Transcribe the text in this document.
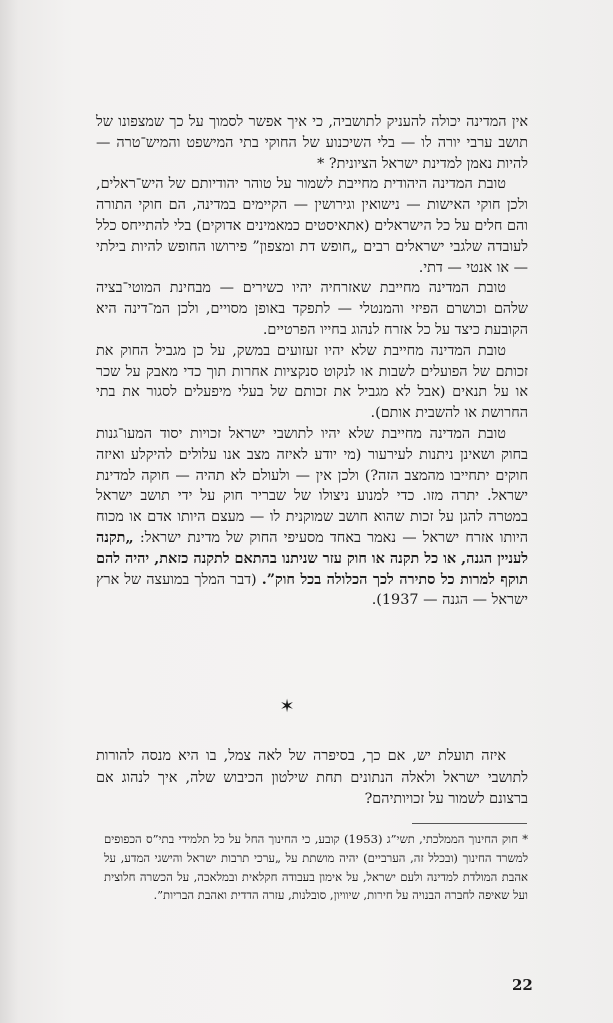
אין המדינה יכולה להעניק לתושביה, כי איך אפשר לסמוך על כך שמצפונו של תושב ערבי יורה לו — בלי השיכנוע של החוקי בתי המישפט והמיש־טרה — להיות נאמן למדינת ישראל הציונית? *

טובת המדינה היהודית מחייבת לשמור על טוהר יהודיותם של היש־ראלים, ולכן חוקי האישות — נישואין וגירושין — הקיימים במדינה, הם חוקי התורה והם חלים על כל הישראלים (אתאיסטים כמאמינים אדוקים) בלי להתייחס כלל לעובדה שלגבי ישראלים רבים „חופש דת ומצפון” פירושו החופש להיות בילתי — או אנטי — דתי.

טובת המדינה מחייבת שאזרחיה יהיו כשירים — מבחינת המוטי־בציה שלהם וכושרם הפיזי והמנטלי — לתפקד באופן מסויים, ולכן המ־דינה היא הקובעת כיצד על כל אזרח לנהוג בחייו הפרטיים.

טובת המדינה מחייבת שלא יהיו זעזועים במשק, על כן מגביל החוק את זכותם של הפועלים לשבות או לנקוט סנקציות אחרות תוך כדי מאבק על שכר או על תנאים (אבל לא מגביל את זכותם של בעלי מיפעלים לסגור את בתי החרושת או להשבית אותם).

טובת המדינה מחייבת שלא יהיו לתושבי ישראל זכויות יסוד המעו־גנות בחוק ושאינן ניתנות לעירעור (מי יודע לאיזה מצב אנו עלולים להיקלע ואיזה חוקים יתחייבו מהמצב הזה?) ולכן אין — ולעולם לא תהיה — חוקה למדינת ישראל. יתרה מזו. כדי למנוע ניצולו של שבריר חוק על ידי תושב ישראל במטרה להגן על זכות שהוא חושב שמוקנית לו — מעצם היותו אדם או מכוח היותו אזרח ישראל — נאמר באחד מסעיפי החוק של מדינת ישראל: „תקנה לעניין הגנה, או כל תקנה או חוק עזר שניתנו בהתאם לתקנה כזאת, יהיה להם תוקף למרות כל סתירה לכך הכלולה בכל חוק”. (דבר המלך במועצה של ארץ ישראל — הגנה — 1937).

✶

איזה תועלת יש, אם כך, בסיפרה של לאה צמל, בו היא מנסה להורות לתושבי ישראל ולאלה הנתונים תחת שילטון הכיבוש שלה, איך לנהוג אם ברצונם לשמור על זכויותיהם?

* חוק החינוך הממלכתי, תשי”ג (1953) קובע, כי החינוך החל על כל תלמידי בתי”ס הכפופים למשרד החינוך (ובכלל זה, הערביים) יהיה מושתת על „ערכי תרבות ישראל והישגי המדע, על אהבת המולדת למדינה ולעם ישראל, על אימון בעבודה חקלאית ובמלאכה, על הכשרה חלוצית ועל שאיפה לחברה הבנויה על חירות, שיוויון, סובלנות, עזרה הדדית ואהבת הבריות”.

22
